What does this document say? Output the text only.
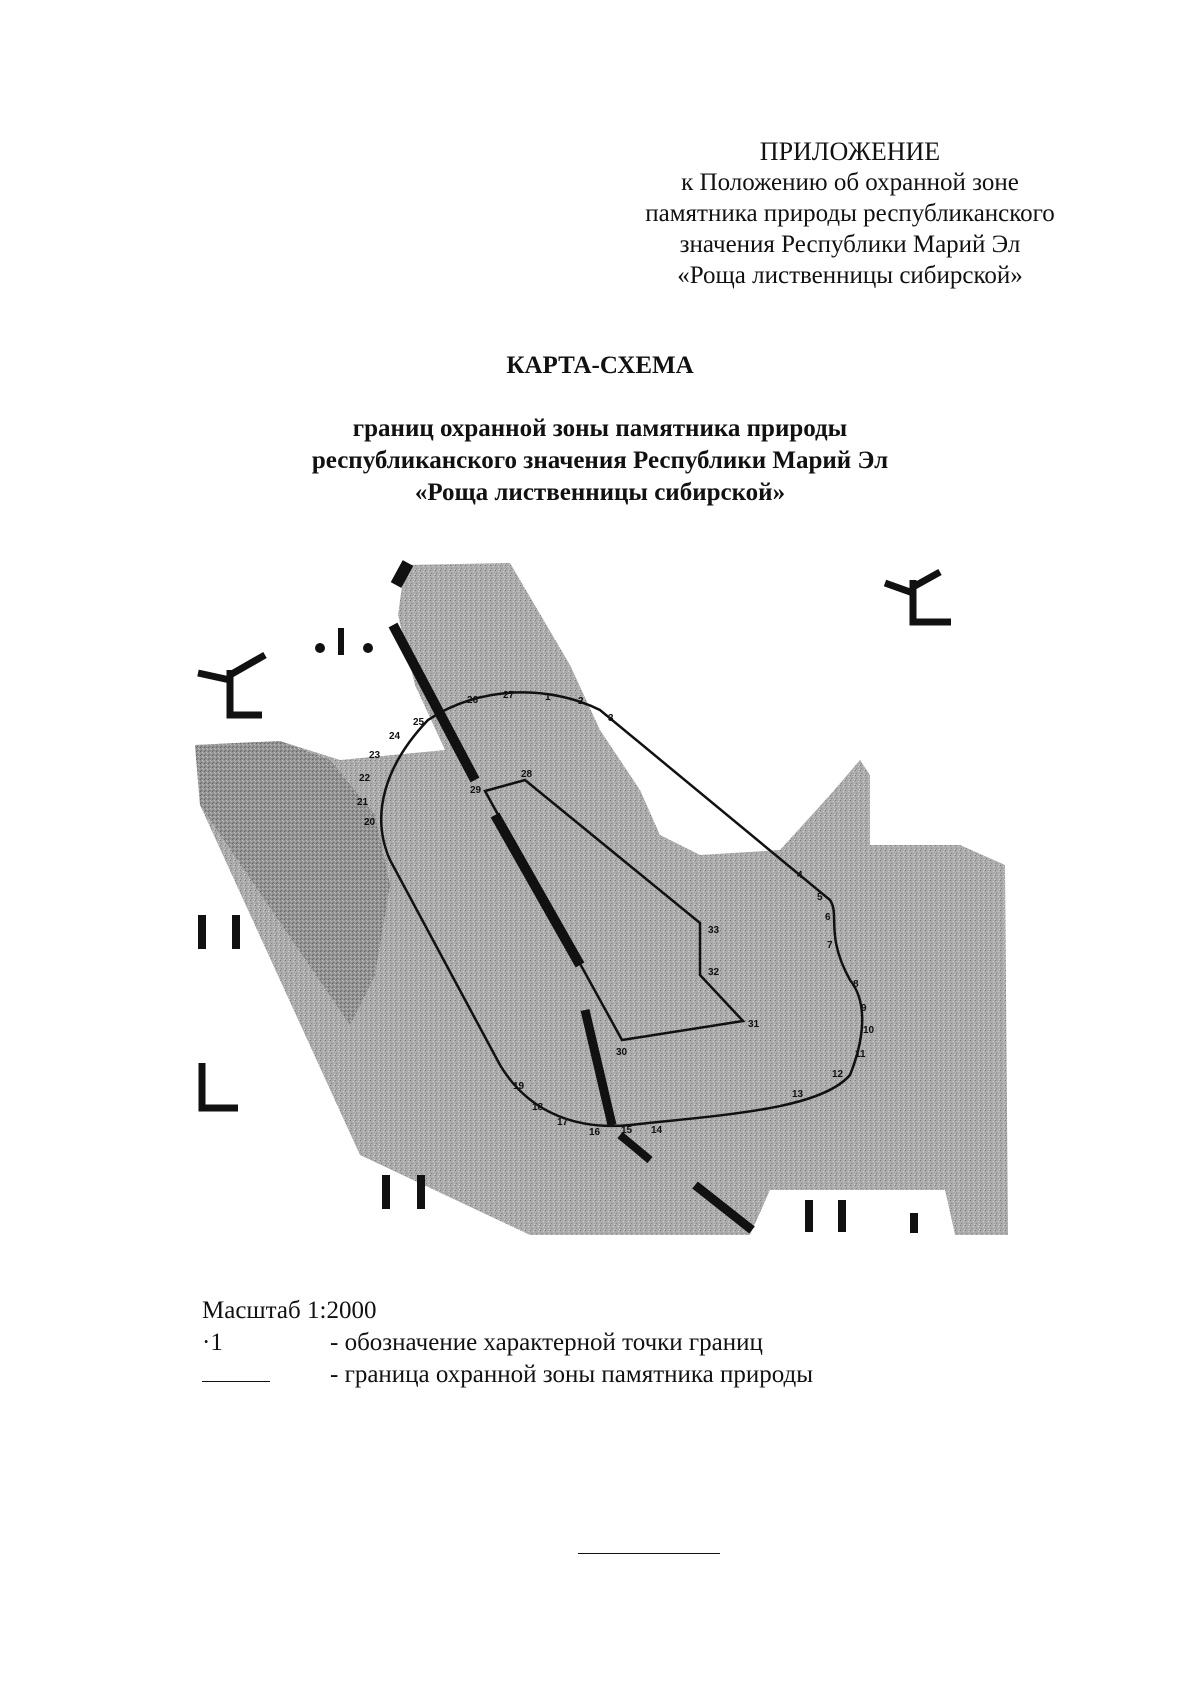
ПРИЛОЖЕНИЕ
к Положению об охранной зоне
памятника природы республиканского
значения Республики Марий Эл
«Роща лиственницы сибирской»
КАРТА-СХЕМА
границ охранной зоны памятника природы
республиканского значения Республики Марий Эл
«Роща лиственницы сибирской»
1	2
3
4
5
6
7
8
9
10
11
12
13
14
15
16
17
18
19
20
21
22
23
24
25
26 27
28
29
30
31
32
33
Масштаб 1:2000
·1	- обозначение характерной точки границ
- граница охранной зоны памятника природы
